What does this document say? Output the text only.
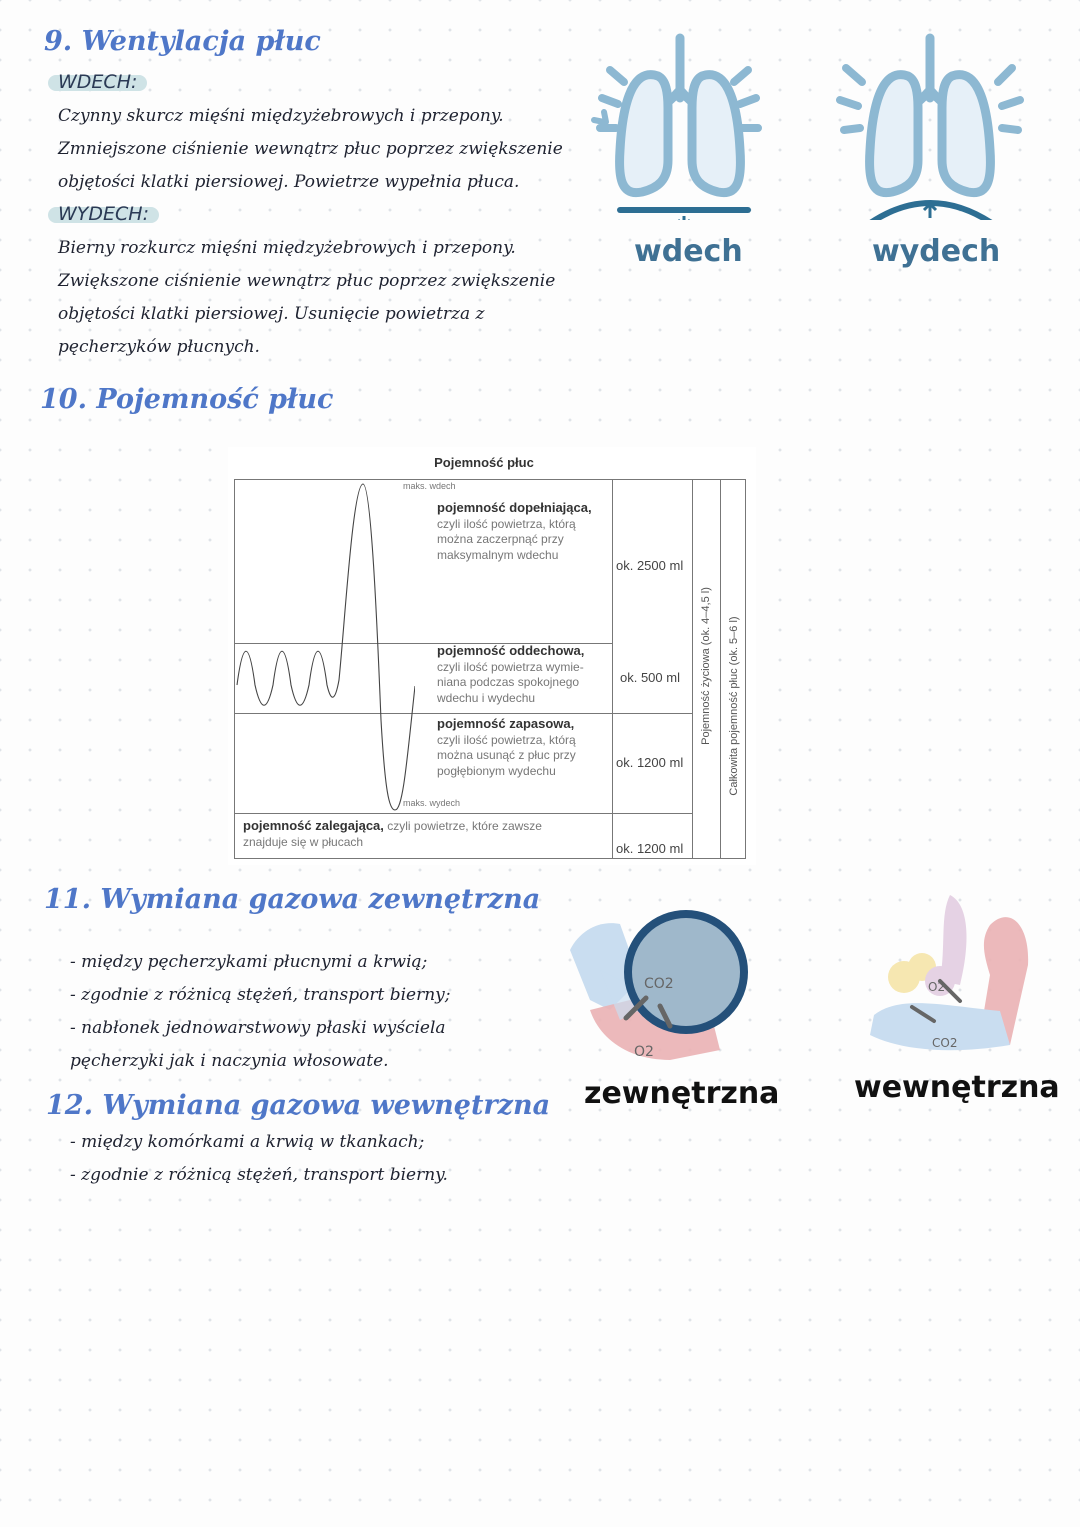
9. Wentylacja płuc
WDECH:
Czynny skurcz mięśni międzyżebrowych i przepony.
Zmniejszone ciśnienie wewnątrz płuc poprzez zwiększenie
objętości klatki piersiowej. Powietrze wypełnia płuca.
WYDECH:
Bierny rozkurcz mięśni międzyżebrowych i przepony.
Zwiększone ciśnienie wewnątrz płuc poprzez zwiększenie
objętości klatki piersiowej. Usunięcie powietrza z
pęcherzyków płucnych.
wdech	wydech
10. Pojemność płuc
Pojemność płuc
maks. wdech
maks. wydech
pojemność dopełniająca,
czyli ilość powietrza, którą
można zaczerpnąć przy
maksymalnym wdechu
ok. 2500 ml
pojemność oddechowa,
czyli ilość powietrza wymie-
niana podczas spokojnego
wdechu i wydechu
ok. 500 ml
pojemność zapasowa,
czyli ilość powietrza, którą
można usunąć z płuc przy
pogłębionym wydechu
ok. 1200 ml
pojemność zalegająca, czyli powietrze, które zawsze
znajduje się w płucach	ok. 1200 ml
Pojemność życiowa (ok. 4–4,5 l) Całkowita pojemność płuc (ok. 5–6 l)
11. Wymiana gazowa zewnętrzna
- między pęcherzykami płucnymi a krwią;
- zgodnie z różnicą stężeń, transport bierny;
- nabłonek jednowarstwowy płaski wyściela
pęcherzyki jak i naczynia włosowate.
CO2
O2
zewnętrzna
O2
CO2
wewnętrzna
12. Wymiana gazowa wewnętrzna
- między komórkami a krwią w tkankach;
- zgodnie z różnicą stężeń, transport bierny.
